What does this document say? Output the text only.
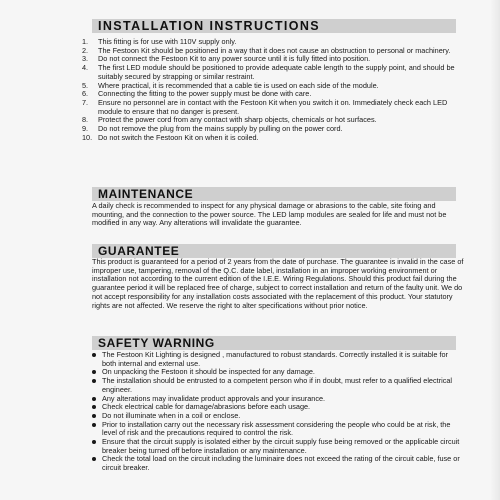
INSTALLATION INSTRUCTIONS
1.	This fitting is for use with 110V supply only.
2.	The Festoon Kit should be positioned in a way that it does not cause an obstruction to personal or machinery.
3.	Do not connect the Festoon Kit to any power source until it is fully fitted into position.
4.	The first LED module should be positioned to provide adequate cable length to the supply point, and should be suitably secured by strapping or similar restraint.
5.	Where practical, it is recommended that a cable tie is used on each side of the module.
6.	Connecting the fitting to the power supply must be done with care.
7.	Ensure no personnel are in contact with the Festoon Kit when you switch it on. Immediately check each LED module to ensure that no danger is present.
8.	Protect the power cord from any contact with sharp objects, chemicals or hot surfaces.
9.	Do not remove the plug from the mains supply by pulling on the power cord.
10. Do not switch the Festoon Kit on when it is coiled.
MAINTENANCE
A daily check is recommended to inspect for any physical damage or abrasions to the cable, site fixing and mounting, and the connection to the power source. The LED lamp modules are sealed for life and must not be modified in any way. Any alterations will invalidate the guarantee.
GUARANTEE
This product is guaranteed for a period of 2 years from the date of purchase. The guarantee is invalid in the case of improper use, tampering, removal of the Q.C. date label, installation in an improper working environment or installation not according to the current edition of the I.E.E. Wiring Regulations. Should this product fail during the guarantee period it will be replaced free of charge, subject to correct installation and return of the faulty unit. We do not accept responsibility for any installation costs associated with the replacement of this product. Your statutory rights are not affected. We reserve the right to alter specifications without prior notice.
SAFETY WARNING
The Festoon Kit Lighting is designed , manufactured to robust standards. Correctly installed it is suitable for both internal and external use.
On unpacking the Festoon it should be inspected for any damage.
The installation should be entrusted to a competent person who if in doubt, must refer to a qualified electrical engineer.
Any alterations may invalidate product approvals and your insurance.
Check electrical cable for damage/abrasions before each usage.
Do not illuminate when in a coil or enclose.
Prior to installation carry out the necessary risk assessment considering the people who could be at risk, the level of risk and the precautions required to control the risk.
Ensure that the circuit supply is isolated either by the circuit supply fuse being removed or the applicable circuit breaker being turned off before installation or any maintenance.
Check the total load on the circuit including the luminaire does not exceed the rating of the circuit cable, fuse or circuit breaker.
